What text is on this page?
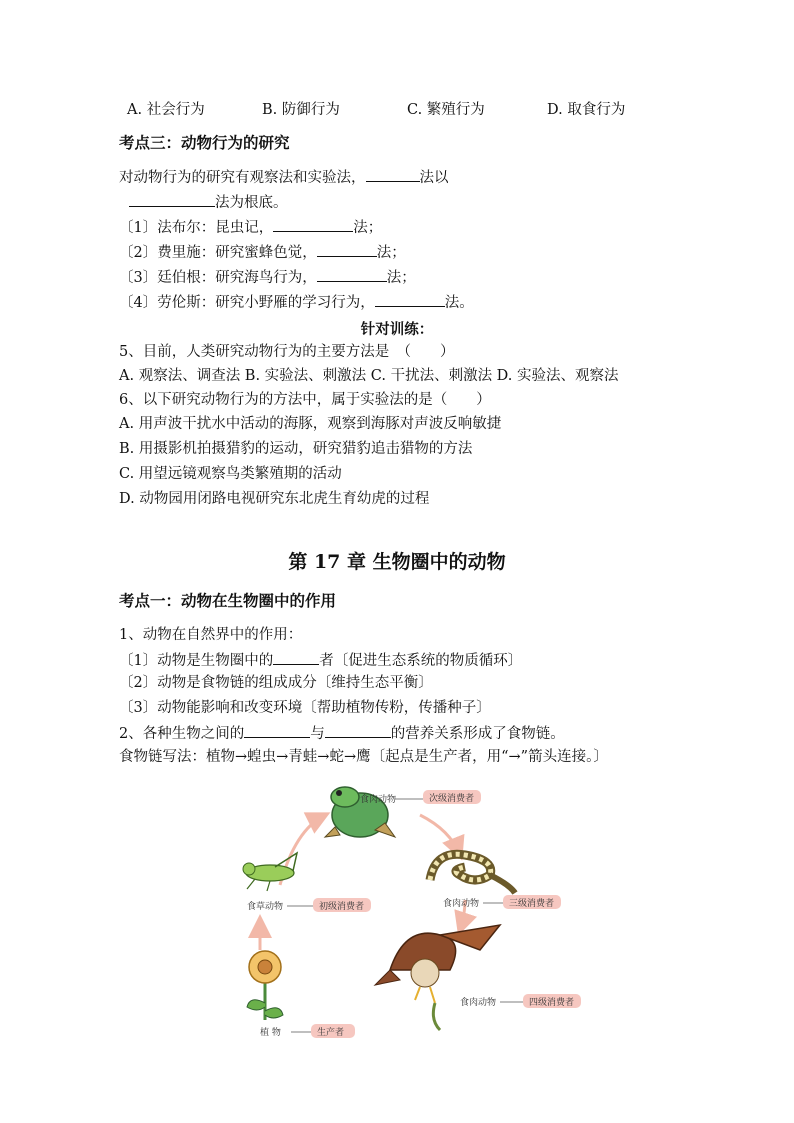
A. 社会行为	B. 防御行为	C. 繁殖行为	D. 取食行为
考点三：动物行为的研究
对动物行为的研究有观察法和实验法，	法以
法为根底。
〔1〕法布尔：昆虫记，	法；
〔2〕费里施：研究蜜蜂色觉，	法；
〔3〕廷伯根：研究海鸟行为，	法；
〔4〕劳伦斯：研究小野雁的学习行为，	法。
针对训练：
5、目前，人类研究动物行为的主要方法是　（　　）
A. 观察法、调查法 B. 实验法、刺激法 C. 干扰法、刺激法 D. 实验法、观察法
6、以下研究动物行为的方法中，属于实验法的是（　　）
A. 用声波干扰水中活动的海豚，观察到海豚对声波反响敏捷
B. 用摄影机拍摄猎豹的运动，研究猎豹追击猎物的方法
C. 用望远镜观察鸟类繁殖期的活动
D. 动物园用闭路电视研究东北虎生育幼虎的过程
第 17 章 生物圈中的动物
考点一：动物在生物圈中的作用
1、动物在自然界中的作用：
〔1〕动物是生物圈中的	者〔促进生态系统的物质循环〕
〔2〕动物是食物链的组成成分〔维持生态平衡〕
〔3〕动物能影响和改变环境〔帮助植物传粉，传播种子〕
2、各种生物之间的	与	的营养关系形成了食物链。
食物链写法：植物→蝗虫→青蛙→蛇→鹰〔起点是生产者，用“→”箭头连接。〕
食肉动物	次级消费者
食草动物	初级消费者	食肉动物	三级消费者
食肉动物	四级消费者
植 物	生产者
